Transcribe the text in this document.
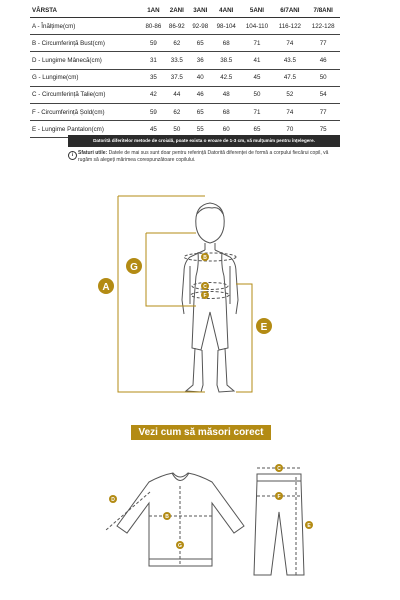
VÂRSTA	1AN	2ANI	3ANI	4ANI	5ANI	6/7ANI	7/8ANI
A - Înălțime(cm)	80-86	86-92	92-98	98-104	104-110	116-122	122-128
B - Circumferință Bust(cm)	59	62	65	68	71	74	77
D - Lungime Mânecă(cm)	31	33.5	36	38.5	41	43.5	46
G - Lungime(cm)	35	37.5	40	42.5	45	47.5	50
C - Circumferință Talie(cm)	42	44	46	48	50	52	54
F - Circumferință Șold(cm)	59	62	65	68	71	74	77
E - Lungime Pantalon(cm)	45	50	55	60	65	70	75
Datorită diferitelor metode de croială, poate exista o eroare de 1-3 cm, vă mulțumim pentru înțelegere.
i Sfaturi utile: Datele de mai sus sunt doar pentru referință Datorită diferenței de formă a corpului fiecărui copil, vă rugăm să alegeți mărimea corespunzătoare copilului.
A
G
E
B
C
F
D
B
G
C
F
E
Vezi cum să măsori corect
